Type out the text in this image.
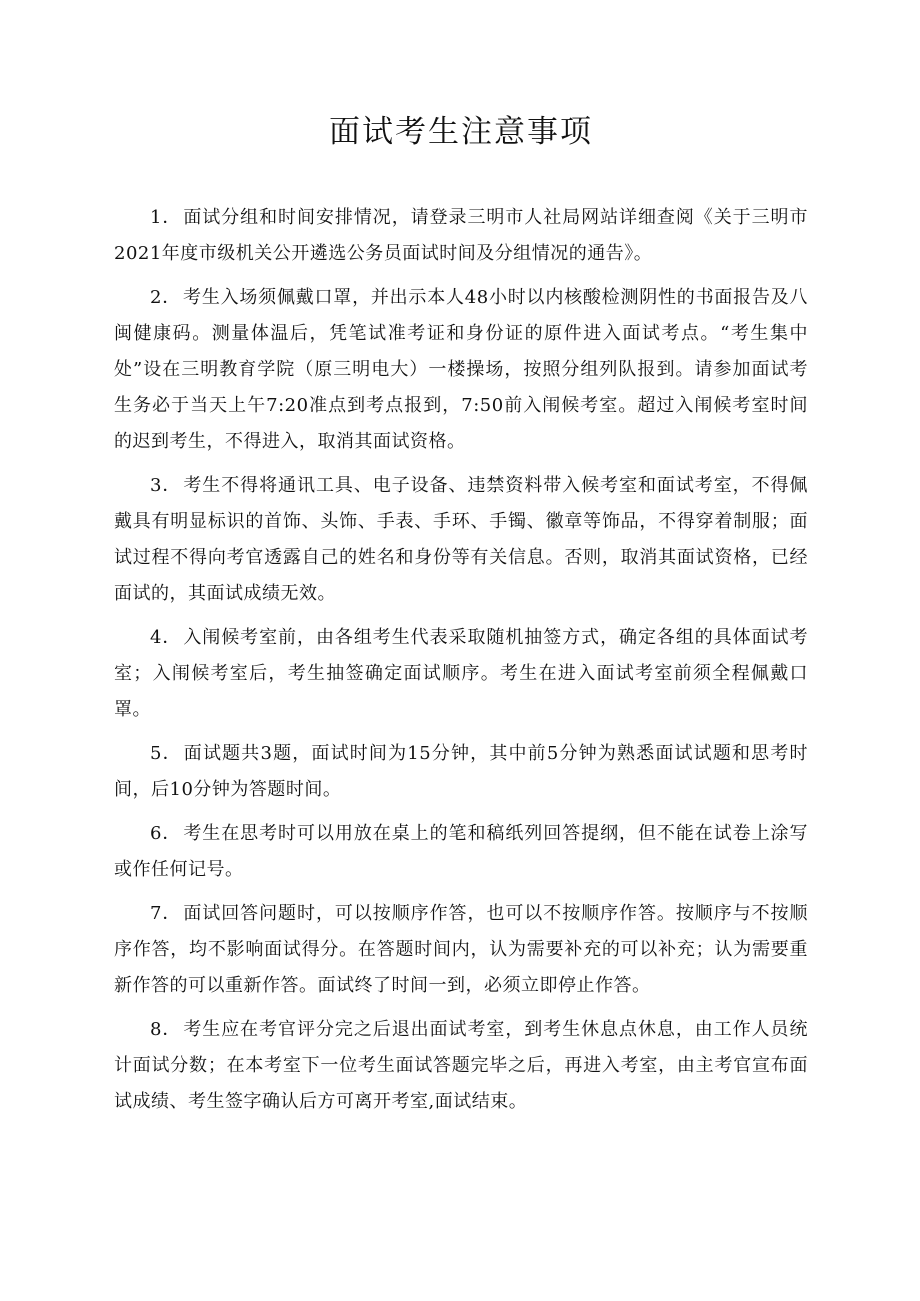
面试考生注意事项

1． 面试分组和时间安排情况，请登录三明市人社局网站详细查阅《关于三明市2021年度市级机关公开遴选公务员面试时间及分组情况的通告》。

2． 考生入场须佩戴口罩，并出示本人48小时以内核酸检测阴性的书面报告及八闽健康码。测量体温后，凭笔试准考证和身份证的原件进入面试考点。“考生集中处”设在三明教育学院（原三明电大）一楼操场，按照分组列队报到。请参加面试考生务必于当天上午7:20准点到考点报到，7:50前入闱候考室。超过入闱候考室时间的迟到考生，不得进入，取消其面试资格。

3． 考生不得将通讯工具、电子设备、违禁资料带入候考室和面试考室，不得佩戴具有明显标识的首饰、头饰、手表、手环、手镯、徽章等饰品，不得穿着制服；面试过程不得向考官透露自己的姓名和身份等有关信息。否则，取消其面试资格，已经面试的，其面试成绩无效。

4． 入闱候考室前，由各组考生代表采取随机抽签方式，确定各组的具体面试考室；入闱候考室后，考生抽签确定面试顺序。考生在进入面试考室前须全程佩戴口罩。

5． 面试题共3题，面试时间为15分钟，其中前5分钟为熟悉面试试题和思考时间，后10分钟为答题时间。

6． 考生在思考时可以用放在桌上的笔和稿纸列回答提纲，但不能在试卷上涂写或作任何记号。

7． 面试回答问题时，可以按顺序作答，也可以不按顺序作答。按顺序与不按顺序作答，均不影响面试得分。在答题时间内，认为需要补充的可以补充；认为需要重新作答的可以重新作答。面试终了时间一到，必须立即停止作答。

8． 考生应在考官评分完之后退出面试考室，到考生休息点休息，由工作人员统计面试分数；在本考室下一位考生面试答题完毕之后，再进入考室，由主考官宣布面试成绩、考生签字确认后方可离开考室,面试结束。
